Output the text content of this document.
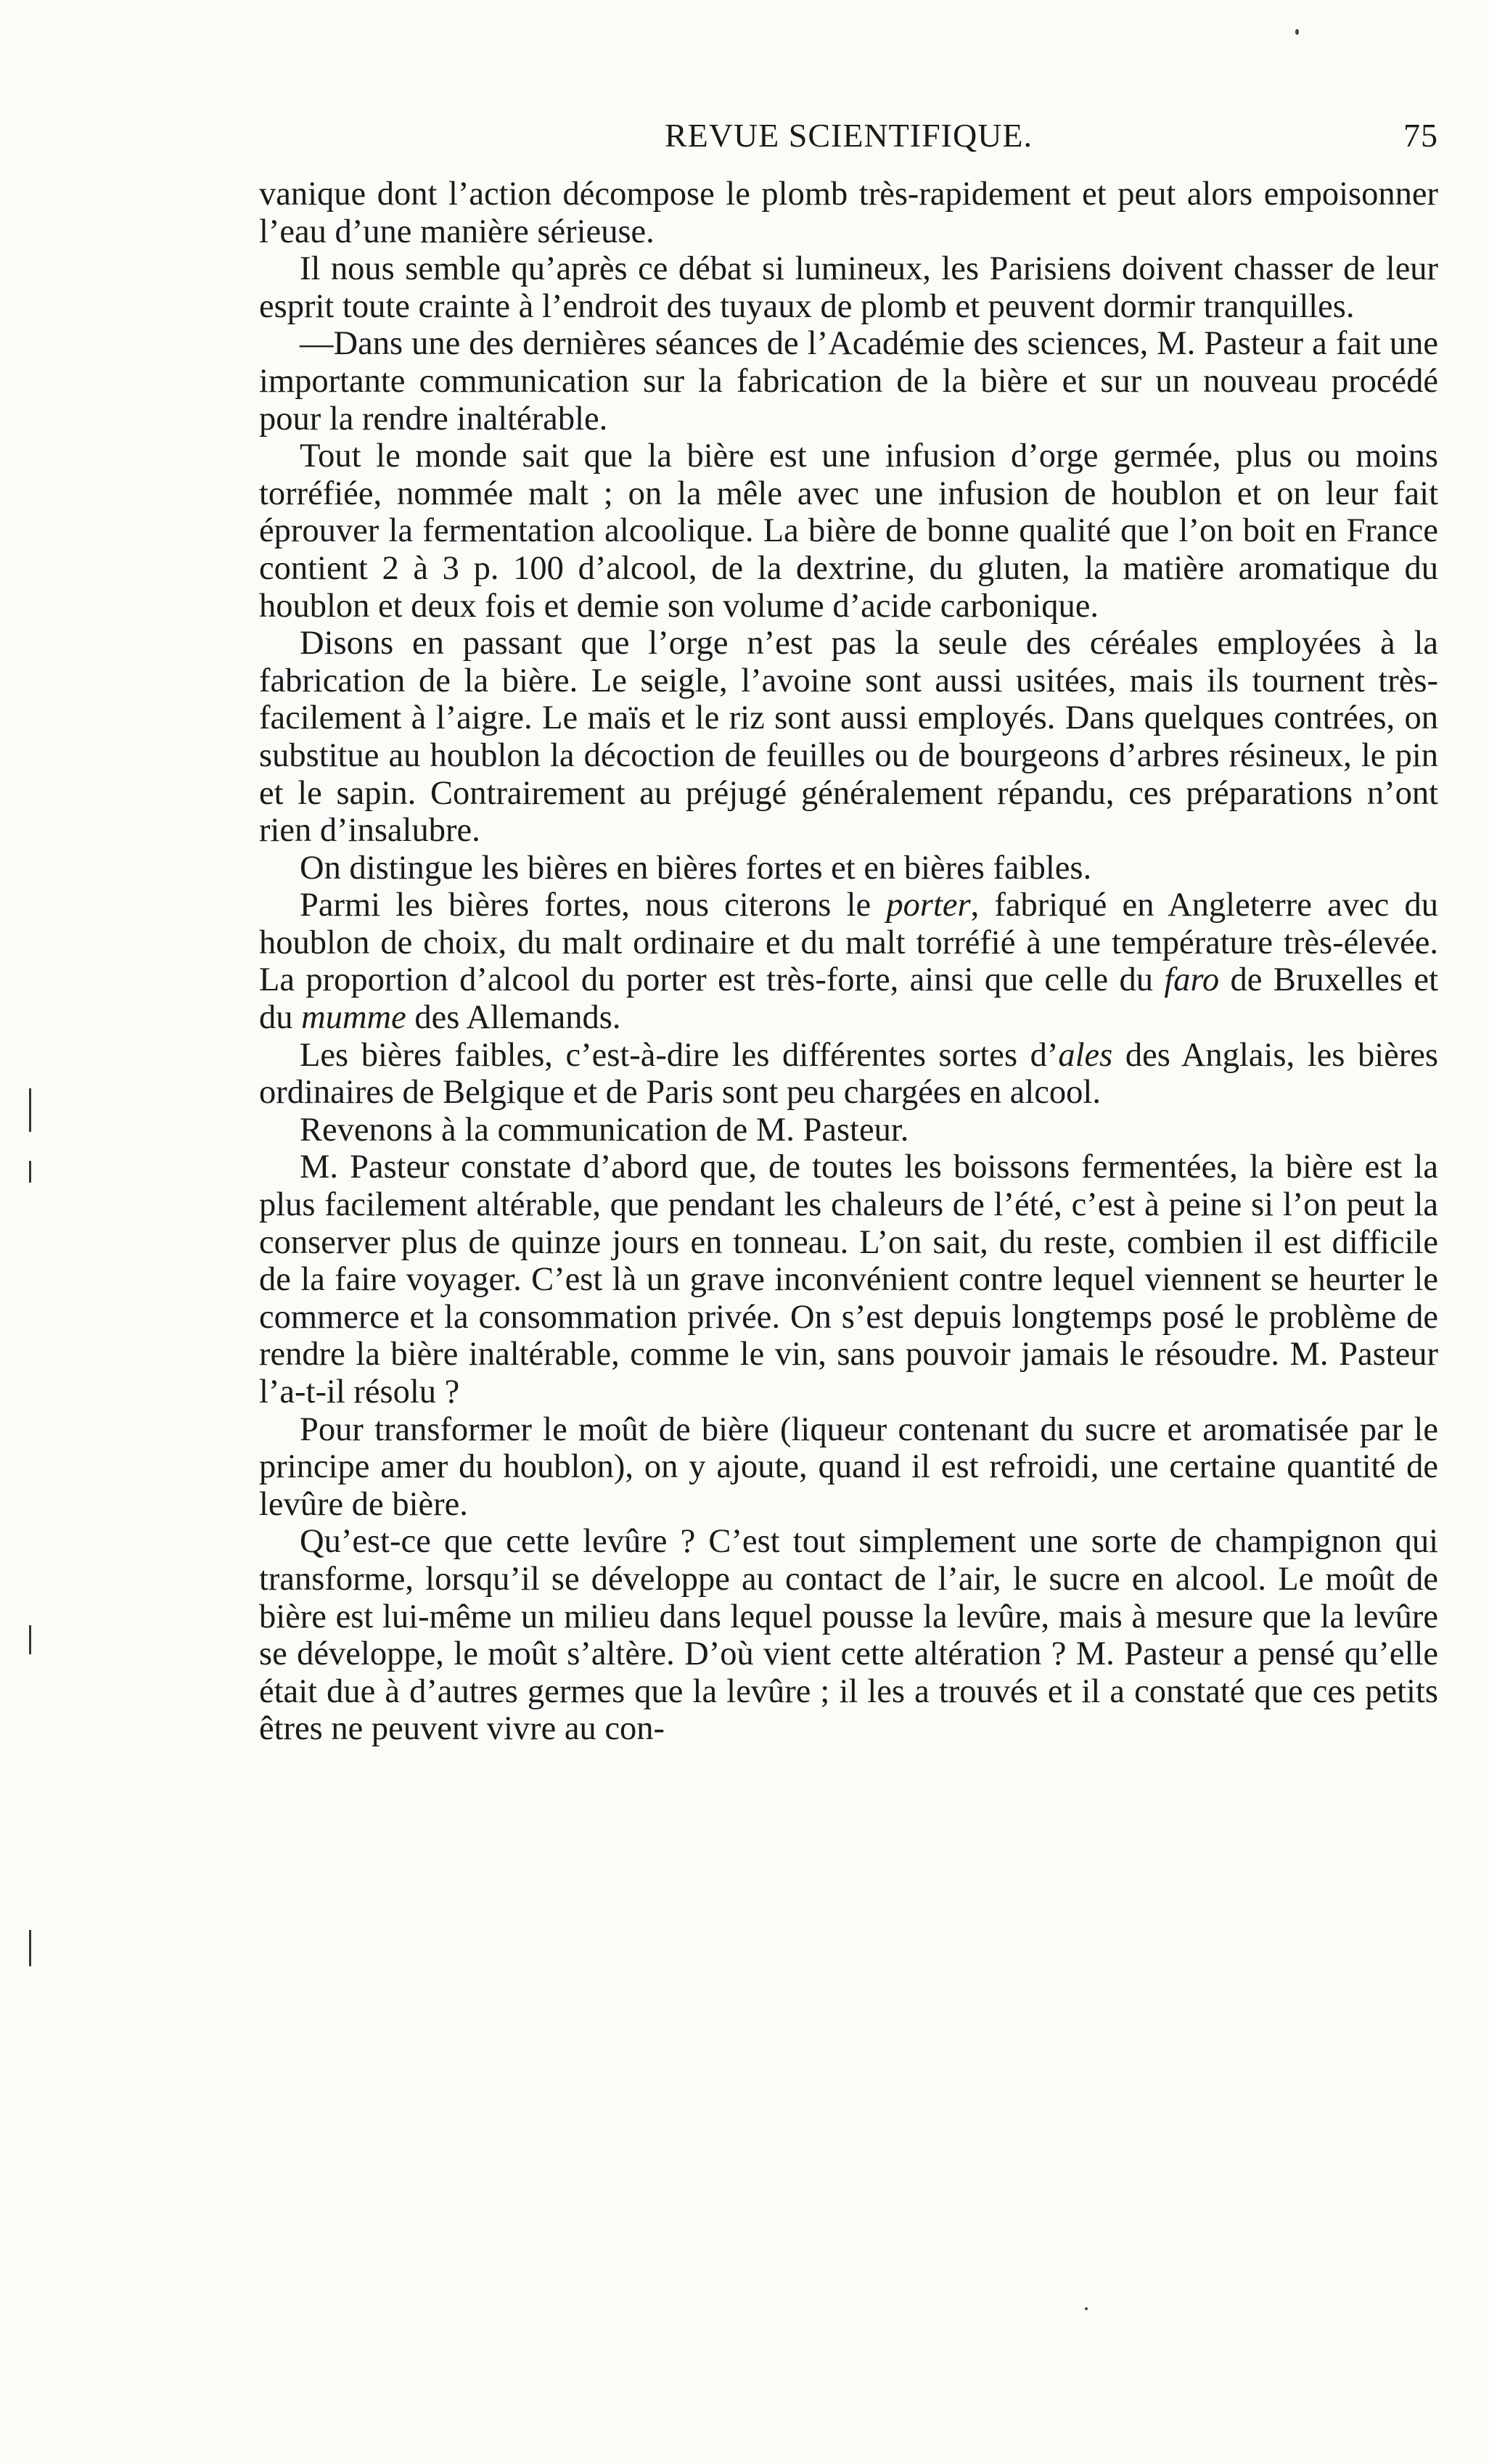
REVUE SCIENTIFIQUE.	75

vanique dont l’action décompose le plomb très-rapidement et peut alors empoisonner l’eau d’une manière sérieuse.

Il nous semble qu’après ce débat si lumineux, les Parisiens doivent chasser de leur esprit toute crainte à l’endroit des tuyaux de plomb et peuvent dormir tranquilles.

—Dans une des dernières séances de l’Académie des sciences, M. Pasteur a fait une importante communication sur la fabrication de la bière et sur un nouveau procédé pour la rendre inaltérable.

Tout le monde sait que la bière est une infusion d’orge germée, plus ou moins torréfiée, nommée malt ; on la mêle avec une infusion de houblon et on leur fait éprouver la fermentation alcoolique. La bière de bonne qualité que l’on boit en France contient 2 à 3 p. 100 d’alcool, de la dextrine, du gluten, la matière aromatique du houblon et deux fois et demie son volume d’acide carbonique.

Disons en passant que l’orge n’est pas la seule des céréales employées à la fabrication de la bière. Le seigle, l’avoine sont aussi usitées, mais ils tournent très-facilement à l’aigre. Le maïs et le riz sont aussi employés. Dans quelques contrées, on substitue au houblon la décoction de feuilles ou de bourgeons d’arbres résineux, le pin et le sapin. Contrairement au préjugé généralement répandu, ces préparations n’ont rien d’insalubre.

On distingue les bières en bières fortes et en bières faibles.

Parmi les bières fortes, nous citerons le porter, fabriqué en Angleterre avec du houblon de choix, du malt ordinaire et du malt torréfié à une température très-élevée. La proportion d’alcool du porter est très-forte, ainsi que celle du faro de Bruxelles et du mumme des Allemands.

Les bières faibles, c’est-à-dire les différentes sortes d’ales des Anglais, les bières ordinaires de Belgique et de Paris sont peu chargées en alcool.

Revenons à la communication de M. Pasteur.

M. Pasteur constate d’abord que, de toutes les boissons fermentées, la bière est la plus facilement altérable, que pendant les chaleurs de l’été, c’est à peine si l’on peut la conserver plus de quinze jours en tonneau. L’on sait, du reste, combien il est difficile de la faire voyager. C’est là un grave inconvénient contre lequel viennent se heurter le commerce et la consommation privée. On s’est depuis longtemps posé le problème de rendre la bière inaltérable, comme le vin, sans pouvoir jamais le résoudre. M. Pasteur l’a-t-il résolu ?

Pour transformer le moût de bière (liqueur contenant du sucre et aromatisée par le principe amer du houblon), on y ajoute, quand il est refroidi, une certaine quantité de levûre de bière.

Qu’est-ce que cette levûre ? C’est tout simplement une sorte de champignon qui transforme, lorsqu’il se développe au contact de l’air, le sucre en alcool. Le moût de bière est lui-même un milieu dans lequel pousse la levûre, mais à mesure que la levûre se développe, le moût s’altère. D’où vient cette altération ? M. Pasteur a pensé qu’elle était due à d’autres germes que la levûre ; il les a trouvés et il a constaté que ces petits êtres ne peuvent vivre au con-
